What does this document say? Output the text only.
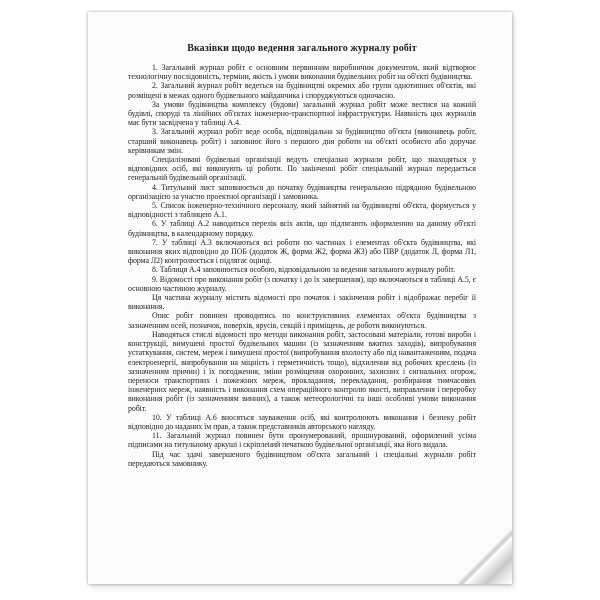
Вказівки щодо ведення загального журналу робіт

1. Загальний журнал робіт є основним первинним виробничим документом, який відтворює технологічну послідовність, терміни, якість і умови виконання будівельних робіт на об'єкті будівництва.

2. Загальний журнал робіт ведеться на будівництві окремих або групи однотипних об'єктів, які розміщені в межах одного будівельного майданчика і споруджуються одночасно.

За умови будівництва комплексу (будови) загальний журнал робіт може вестися на кожній будівлі, споруді та лінійних об'єктах інженерно-транспортної інфраструктури. Наявність цих журналів має бути засвідчена у таблиці А.4.

3. Загальний журнал робіт веде особа, відповідальна за будівництво об'єкта (виконавець робіт, старший виконавець робіт) і заповнює його з першого дня роботи на об'єкті особисто або доручає керівникам змін.

Спеціалізовані будівельні організації ведуть спеціальні журнали робіт, що знаходяться у відповідних осіб, які виконують ці роботи. По закінченні робіт спеціальний журнал передається генеральній будівельній організації.

4. Титульний лист заповнюється до початку будівництва генеральною підрядною будівельною організацією за участю проектної організації і замовника.

5. Список інженерно-технічного персоналу, який зайнятий на будівництві об'єкта, формується у відповідності з таблицею А.1.

6. У таблиці А.2 наводиться перелік всіх актів, що підлягають оформленню на даному об'єкті будівництва, в календарному порядку.

7. У таблиці А.3 включаються всі роботи по частинах і елементах об'єкта будівництва, які виконання яких відповідно до ПОБ (додаток Ж, форма Ж2, форма Ж3) або ПВР (додаток Л, форма Л1, форма Л2) контролюється і підлягає оцінці.

8. Таблиця А.4 заповнюється особою, відповідальною за ведення загального журналу робіт.

9. Відомості про виконання робіт (з початку і до їх завершення), що включаються в таблиці А.5, є основною частиною журналу.

Ця частина журналу містить відомості про початок і закінчення робіт і відображає перебіг її виконання.

Опис робіт повинен проводитись по конструктивних елементах об'єкта будівництва з зазначенням осей, позначок, поверхів, ярусів, секцій і приміщень, де роботи виконуються.

Наводяться стислі відомості про методи виконання робіт, застосовані матеріали, готові вироби і конструкції, вимушені простої будівельних машин (із зазначенням вжитих заходів), випробування устаткування, систем, мереж і вимушені простої (випробування вхолосту або під навантаженням, подача електроенергії, випробування на міцність і герметичність тощо), відхилення від робочих креслень (із зазначенням причин) і їх погодження, зміни розміщення охоронних, захисних і сигнальних огорож, переноси транспортних і пожежних мереж, прокладання, перекладання, розбирання тимчасових інженерних мереж, наявність і виконання схем операційного контролю якості, виправлення і переробку виконання робіт (із зазначенням винних), а також метеорологічні та інші особливі умови виконання робіт.

10. У таблиці А.6 вносяться зауваження осіб, які контролюють виконання і безпеку робіт відповідно до наданих їм прав, а також представників авторського нагляду.

11. Загальний журнал повинен бути пронумерований, прошнурований, оформлений усіма підписами на титульному аркуші і скріплений печаткою будівельної організації, яка його видала.

Під час здачі завершеного будівництвом об'єкта загальний і спеціальні журнали робіт передаються замовнику.
